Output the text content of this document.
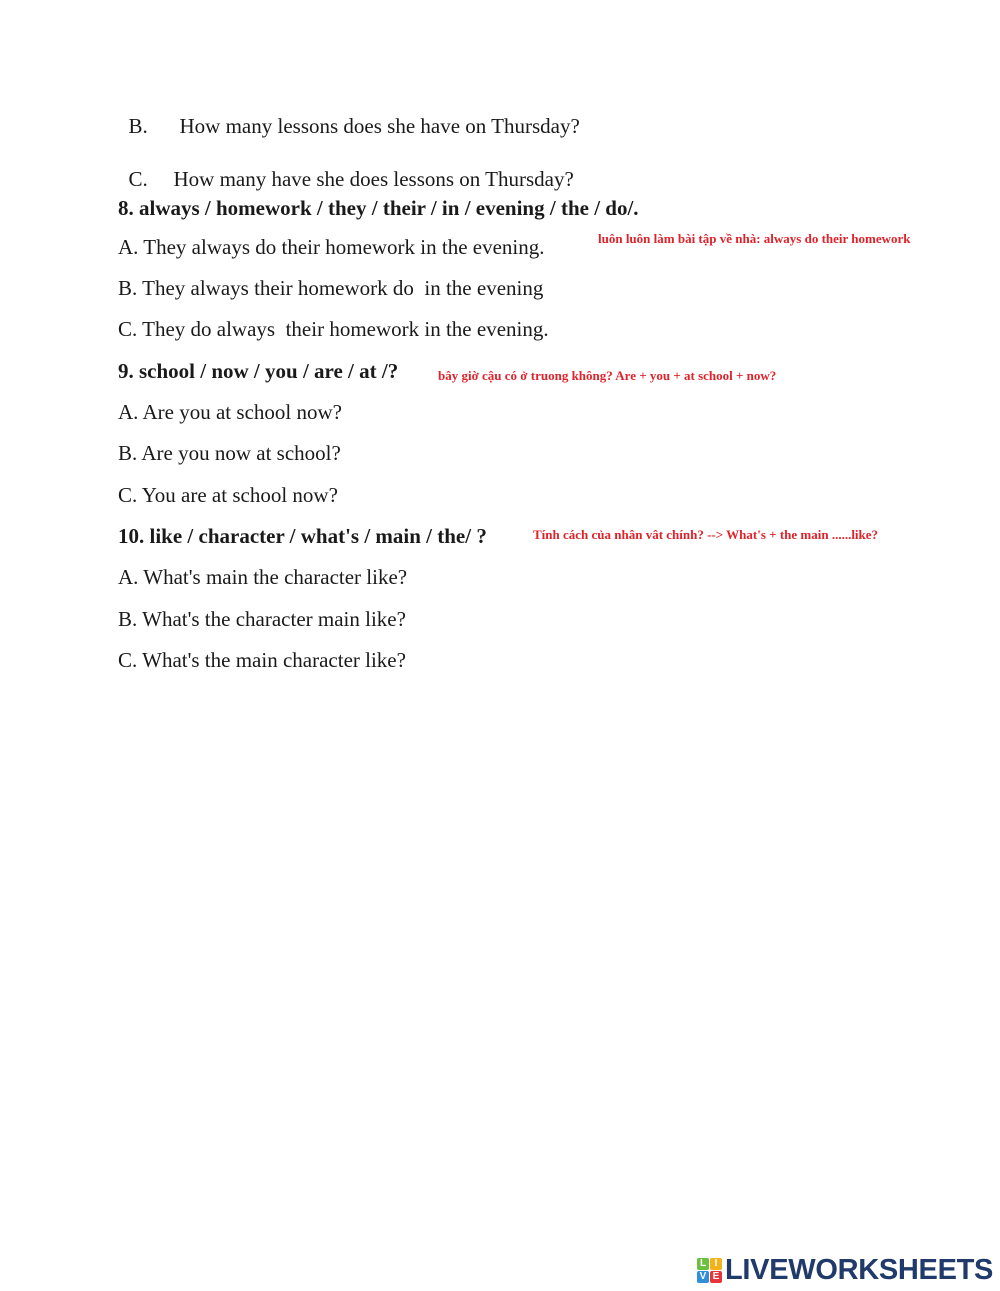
B. How many lessons does she have on Thursday?

C. How many have she does lessons on Thursday?

8. always / homework / they / their / in / evening / the / do/.
luôn luôn làm bài tập về nhà: always do their homework
A. They always do their homework in the evening.
B. They always their homework do  in the evening
C. They do always  their homework in the evening.
9. school / now / you / are / at /?	bây giờ cậu có ở truong không? Are + you + at school + now?
A. Are you at school now?
B. Are you now at school?
C. You are at school now?
10. like / character / what's / main / the/ ?	Tính cách của nhân vât chính? --> What's + the main ......like?
A. What's main the character like?
B. What's the character main like?
C. What's the main character like?
L I
V E LIVEWORKSHEETS
